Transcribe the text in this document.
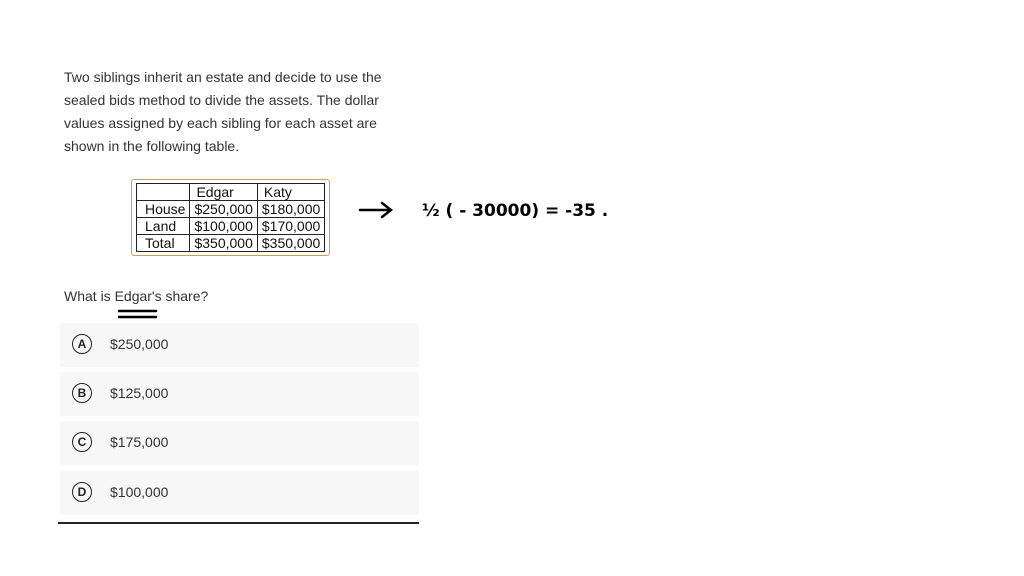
Two siblings inherit an estate and decide to use the sealed bids method to divide the assets. The dollar values assigned by each sibling for each asset are shown in the following table.
	Edgar	Katy
House	$250,000	$180,000
Land	$100,000	$170,000
Total	$350,000	$350,000
½ ( - 30000) = -35 .
What is Edgar's share?
A	$250,000
B	$125,000
C	$175,000
D	$100,000
